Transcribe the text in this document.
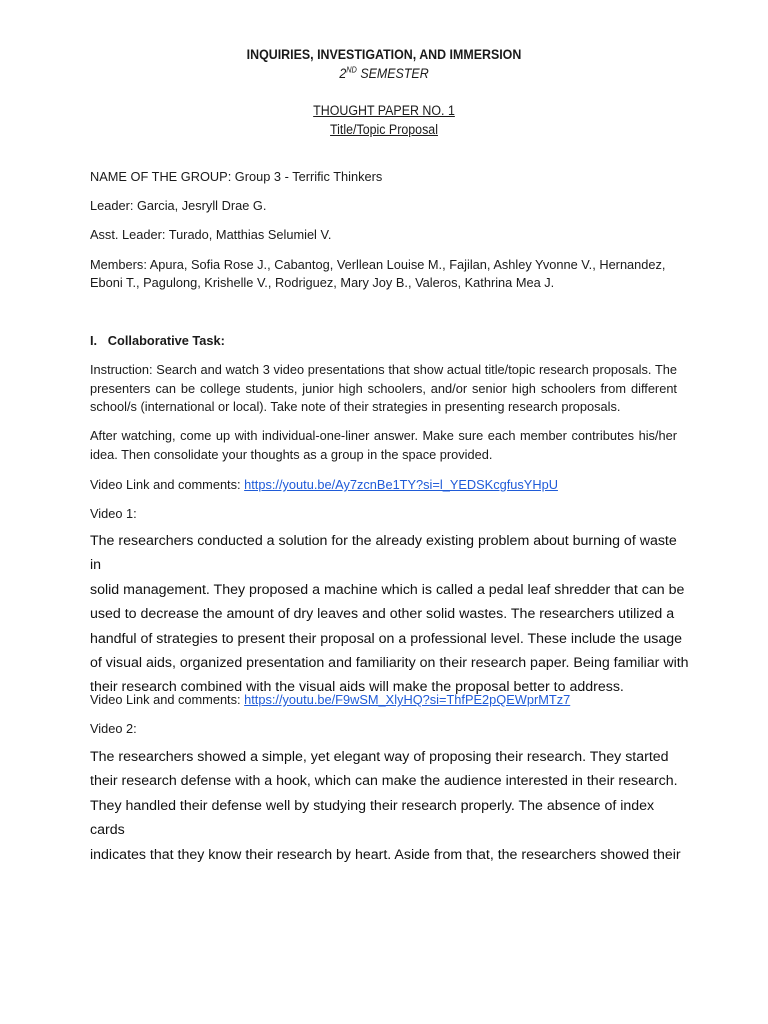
INQUIRIES, INVESTIGATION, AND IMMERSION
2ND SEMESTER
THOUGHT PAPER NO. 1
Title/Topic Proposal
NAME OF THE GROUP: Group 3 - Terrific Thinkers
Leader: Garcia, Jesryll Drae G.
Asst. Leader: Turado, Matthias Selumiel V.
Members: Apura, Sofia Rose J., Cabantog, Verllean Louise M., Fajilan, Ashley Yvonne V., Hernandez,
Eboni T., Pagulong, Krishelle V., Rodriguez, Mary Joy B., Valeros, Kathrina Mea J.
I. Collaborative Task:
Instruction: Search and watch 3 video presentations that show actual title/topic research proposals. The presenters can be college students, junior high schoolers, and/or senior high schoolers from different school/s (international or local). Take note of their strategies in presenting research proposals.
After watching, come up with individual-one-liner answer. Make sure each member contributes his/her idea. Then consolidate your thoughts as a group in the space provided.
Video Link and comments: https://youtu.be/Ay7zcnBe1TY?si=l_YEDSKcgfusYHpU
Video 1:
The researchers conducted a solution for the already existing problem about burning of waste in
solid management. They proposed a machine which is called a pedal leaf shredder that can be
used to decrease the amount of dry leaves and other solid wastes. The researchers utilized a
handful of strategies to present their proposal on a professional level. These include the usage
of visual aids, organized presentation and familiarity on their research paper. Being familiar with
their research combined with the visual aids will make the proposal better to address.
Video Link and comments: https://youtu.be/F9wSM_XlyHQ?si=ThfPE2pQEWprMTz7
Video 2:
The researchers showed a simple, yet elegant way of proposing their research. They started
their research defense with a hook, which can make the audience interested in their research.
They handled their defense well by studying their research properly. The absence of index cards
indicates that they know their research by heart. Aside from that, the researchers showed their
